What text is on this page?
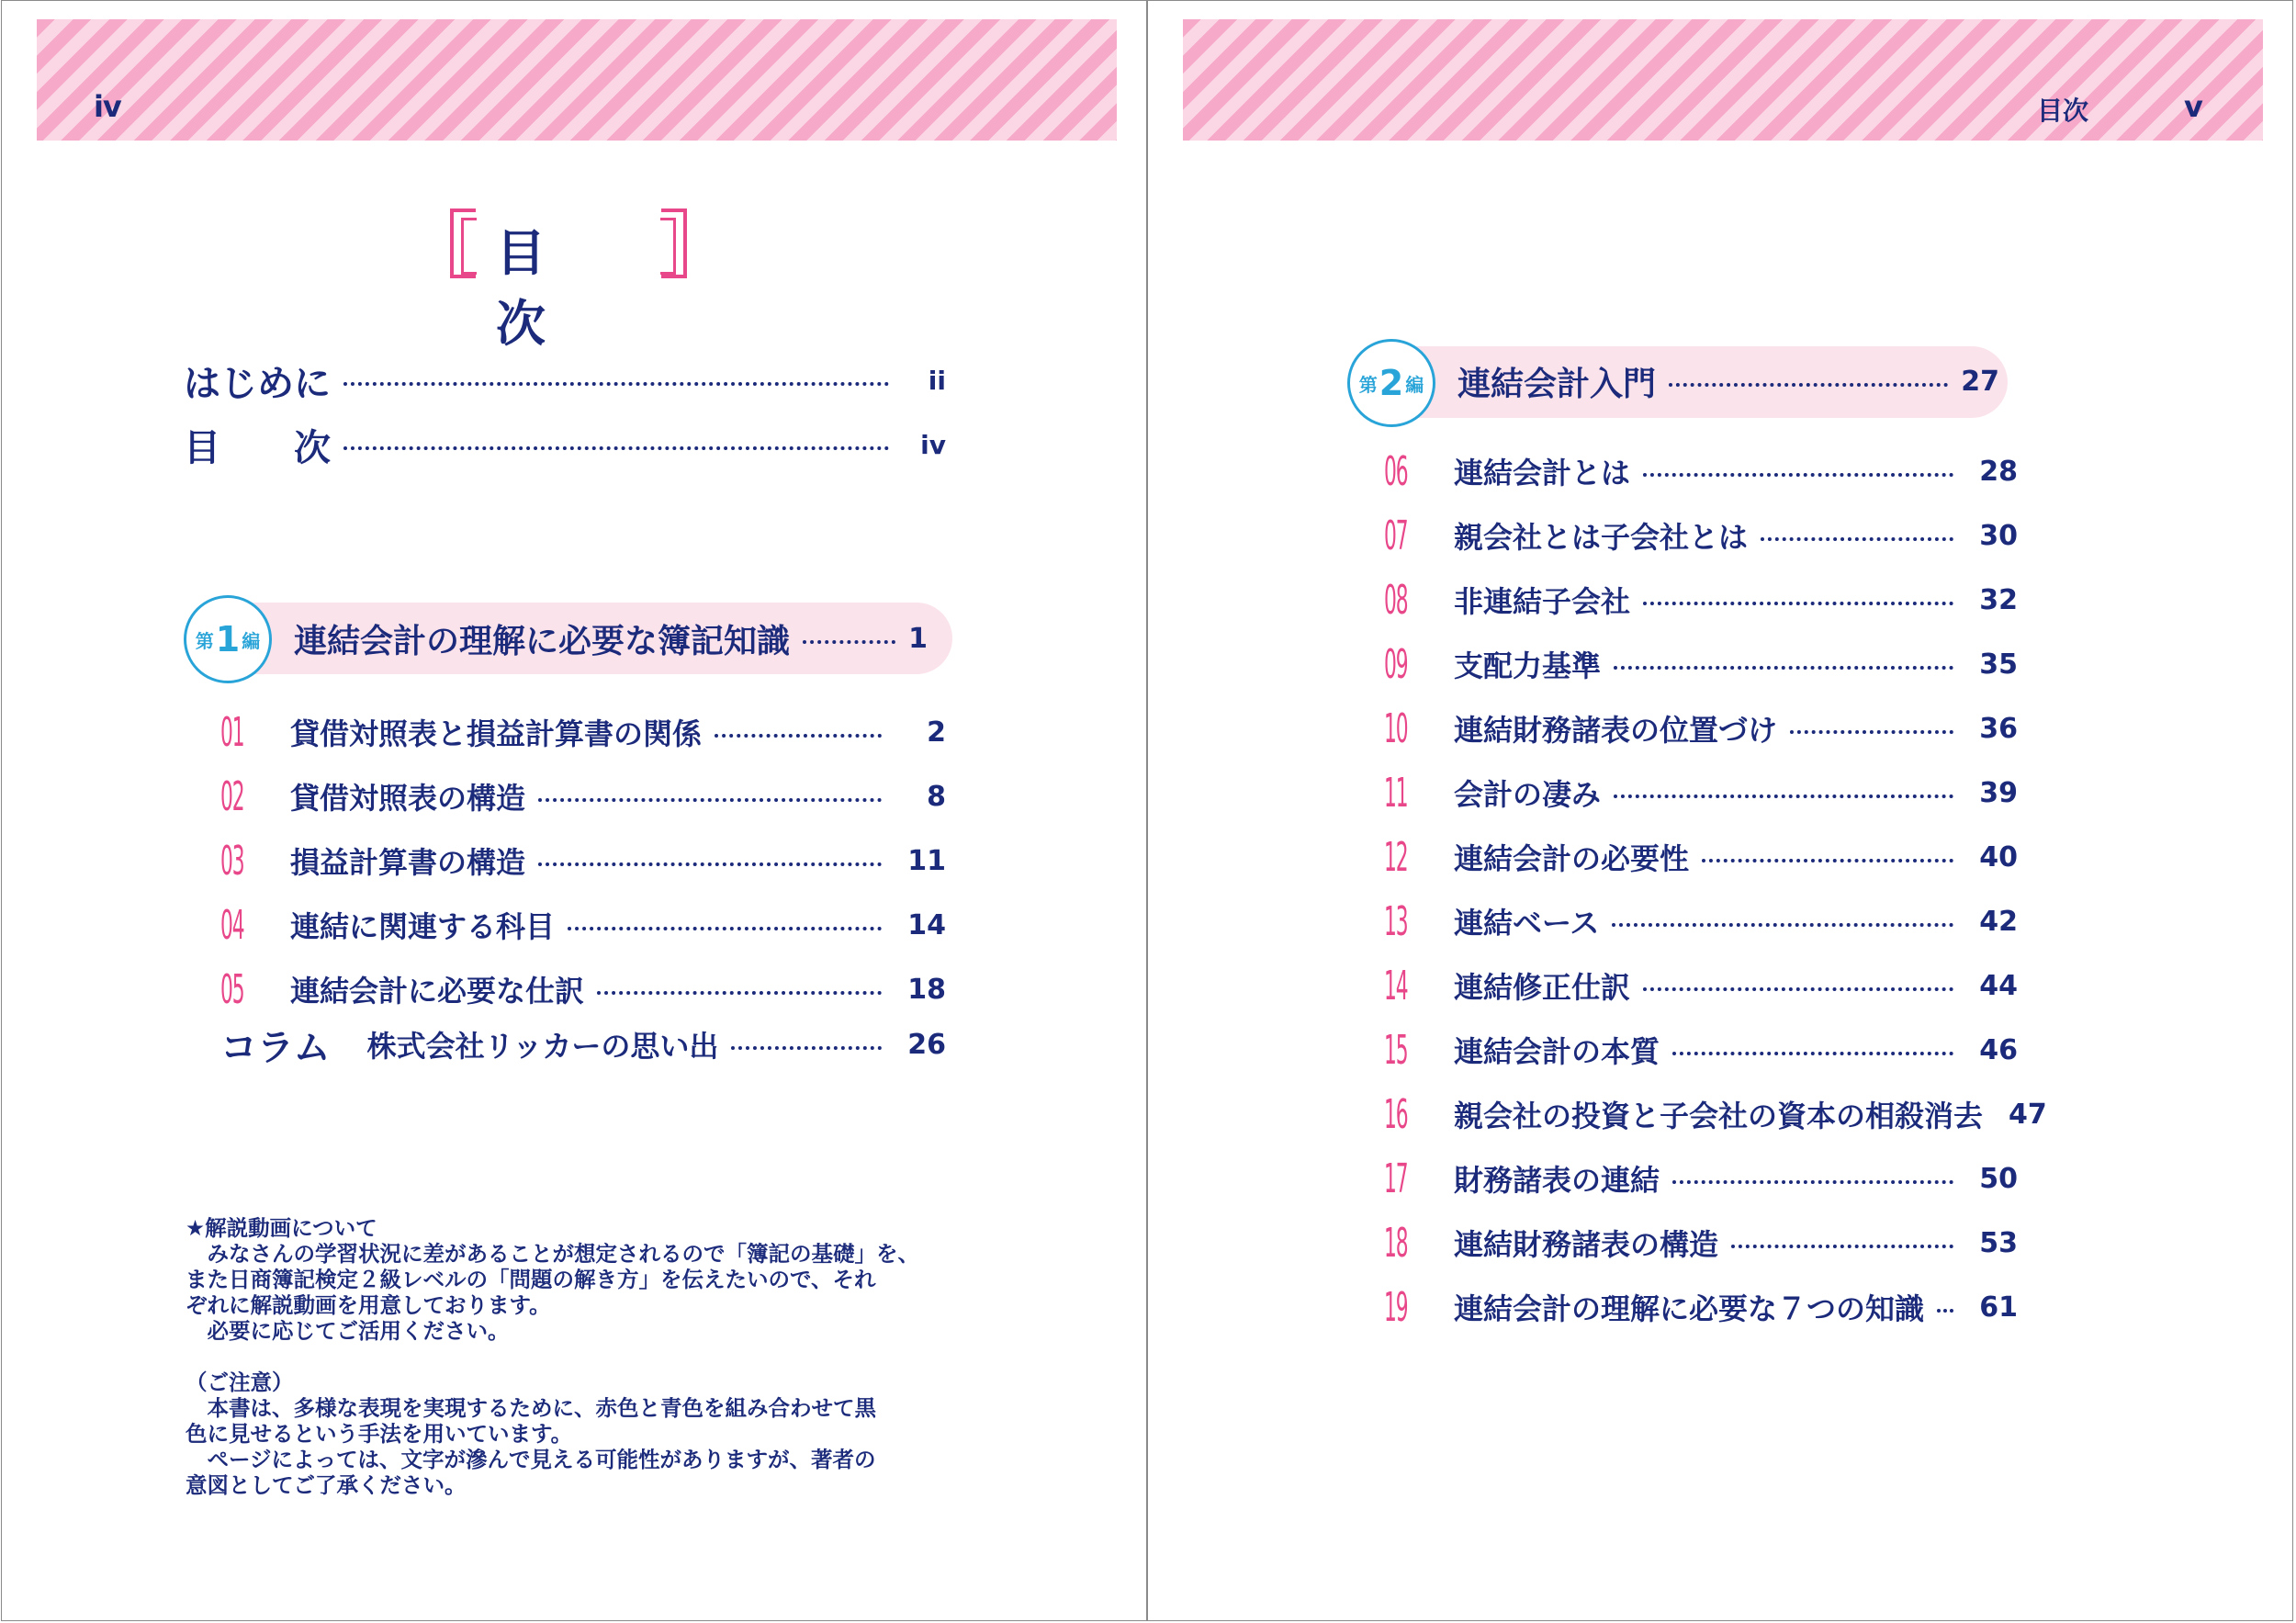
ⅳ
目　次
はじめに	ii
目　　次	iv
第 1 編 連結会計の理解に必要な簿記知識	1
01 貸借対照表と損益計算書の関係	2
02 貸借対照表の構造	8
03 損益計算書の構造	11
04 連結に関連する科目	14
05 連結会計に必要な仕訳	18
コラム 株式会社リッカーの思い出	26

★解説動画について

みなさんの学習状況に差があることが想定されるので「簿記の基礎」を、

また日商簿記検定２級レベルの「問題の解き方」を伝えたいので、それ

ぞれに解説動画を用意しております。

必要に応じてご活用ください。

（ご注意）

本書は、多様な表現を実現するために、赤色と青色を組み合わせて黒

色に見せるという手法を用いています。

ページによっては、文字が滲んで見える可能性がありますが、著者の

意図としてご了承ください。

目次	ⅴ
第 2 編 連結会計入門	27
06 連結会計とは	28
07 親会社とは子会社とは	30
08 非連結子会社	32
09 支配力基準	35
10 連結財務諸表の位置づけ	36
11 会計の凄み	39
12 連結会計の必要性	40
13 連結ベース	42
14 連結修正仕訳	44
15 連結会計の本質	46
16 親会社の投資と子会社の資本の相殺消去 47
17 財務諸表の連結	50
18 連結財務諸表の構造	53
19 連結会計の理解に必要な７つの知識	61
